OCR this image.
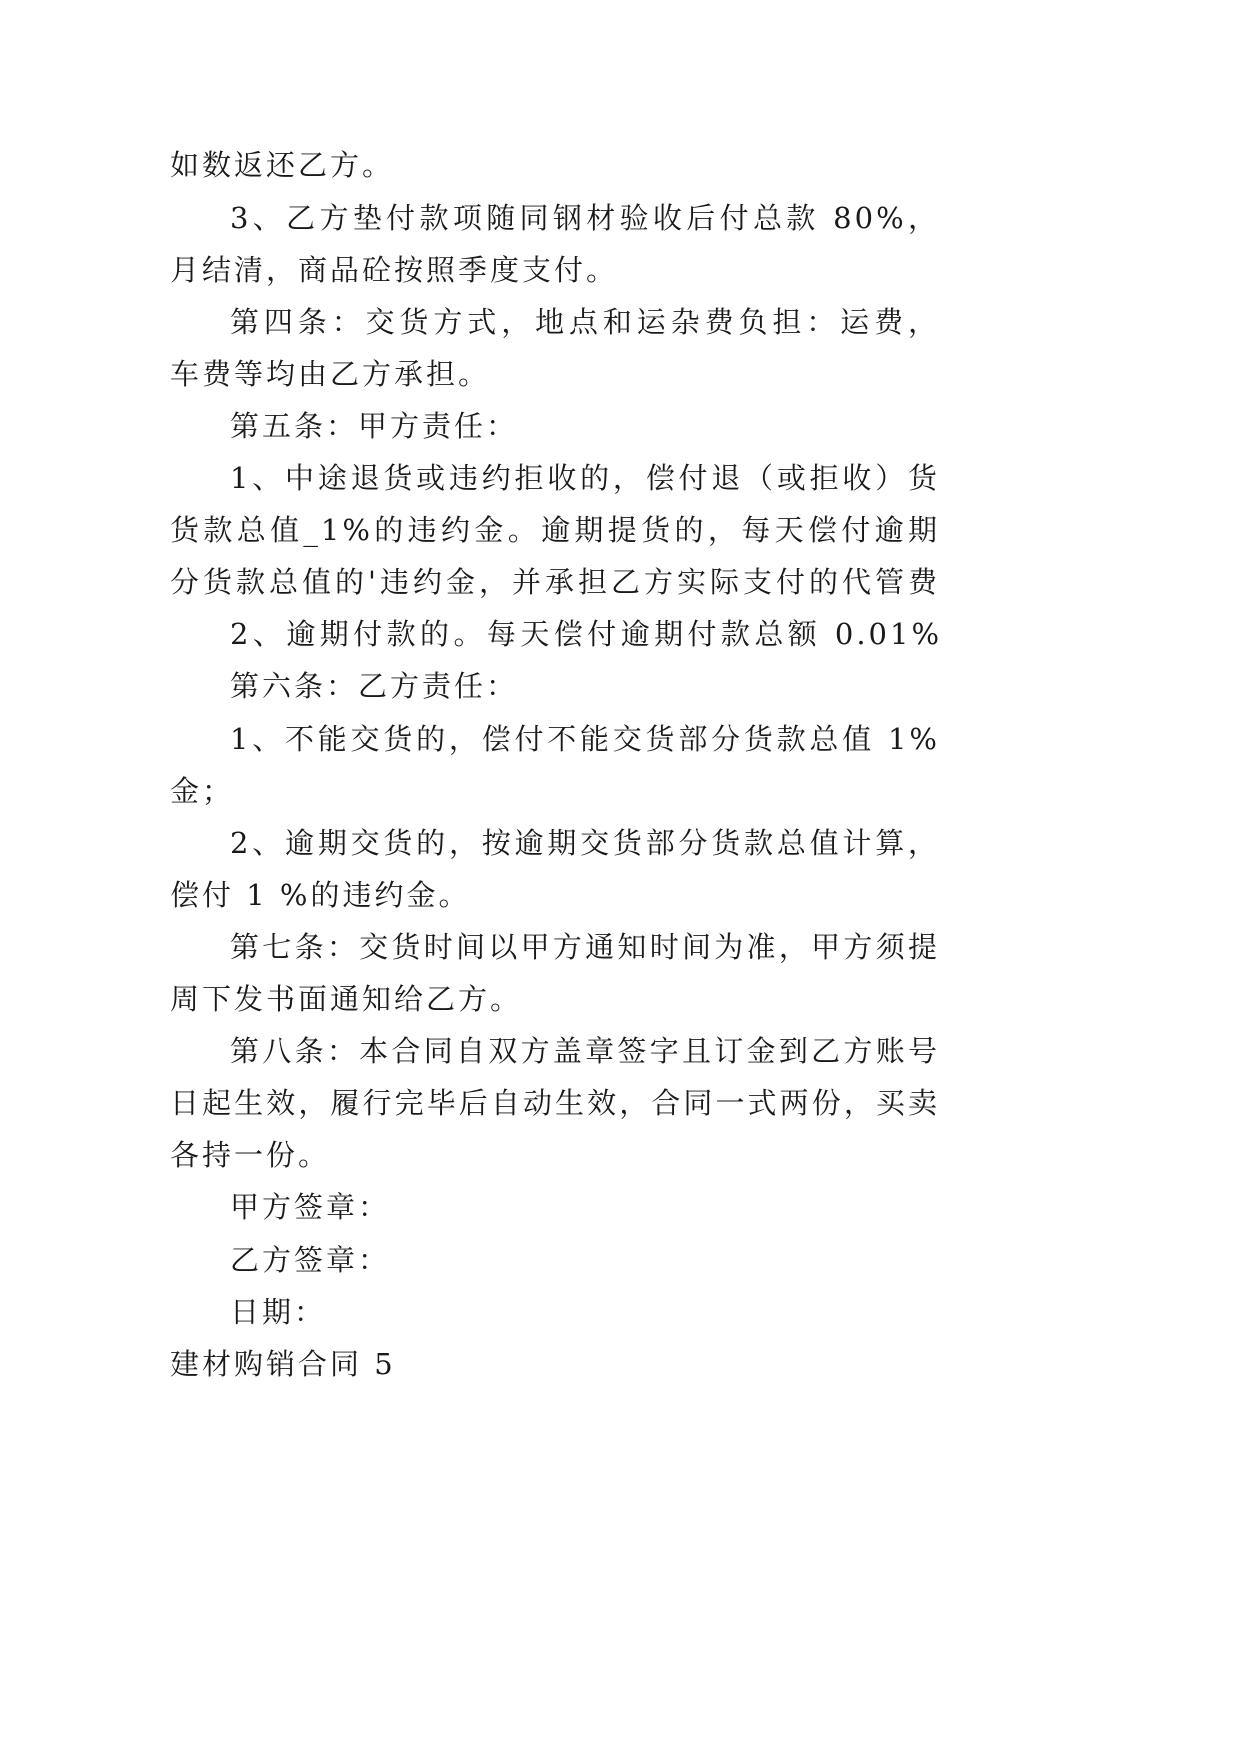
如数返还乙方。
3、乙方垫付款项随同钢材验收后付总款 80%，
月结清，商品砼按照季度支付。
第四条：交货方式，地点和运杂费负担：运费，
车费等均由乙方承担。
第五条：甲方责任：
1、中途退货或违约拒收的，偿付退（或拒收）货
货款总值_1%的违约金。逾期提货的，每天偿付逾期
分货款总值的'违约金，并承担乙方实际支付的代管费
2、逾期付款的。每天偿付逾期付款总额 0.01%
第六条：乙方责任：
1、不能交货的，偿付不能交货部分货款总值 1%
金；
2、逾期交货的，按逾期交货部分货款总值计算，
偿付 1 %的违约金。
第七条：交货时间以甲方通知时间为准，甲方须提
周下发书面通知给乙方。
第八条：本合同自双方盖章签字且订金到乙方账号
日起生效，履行完毕后自动生效，合同一式两份，买卖
各持一份。
甲方签章：
乙方签章：
日期：
建材购销合同 5
